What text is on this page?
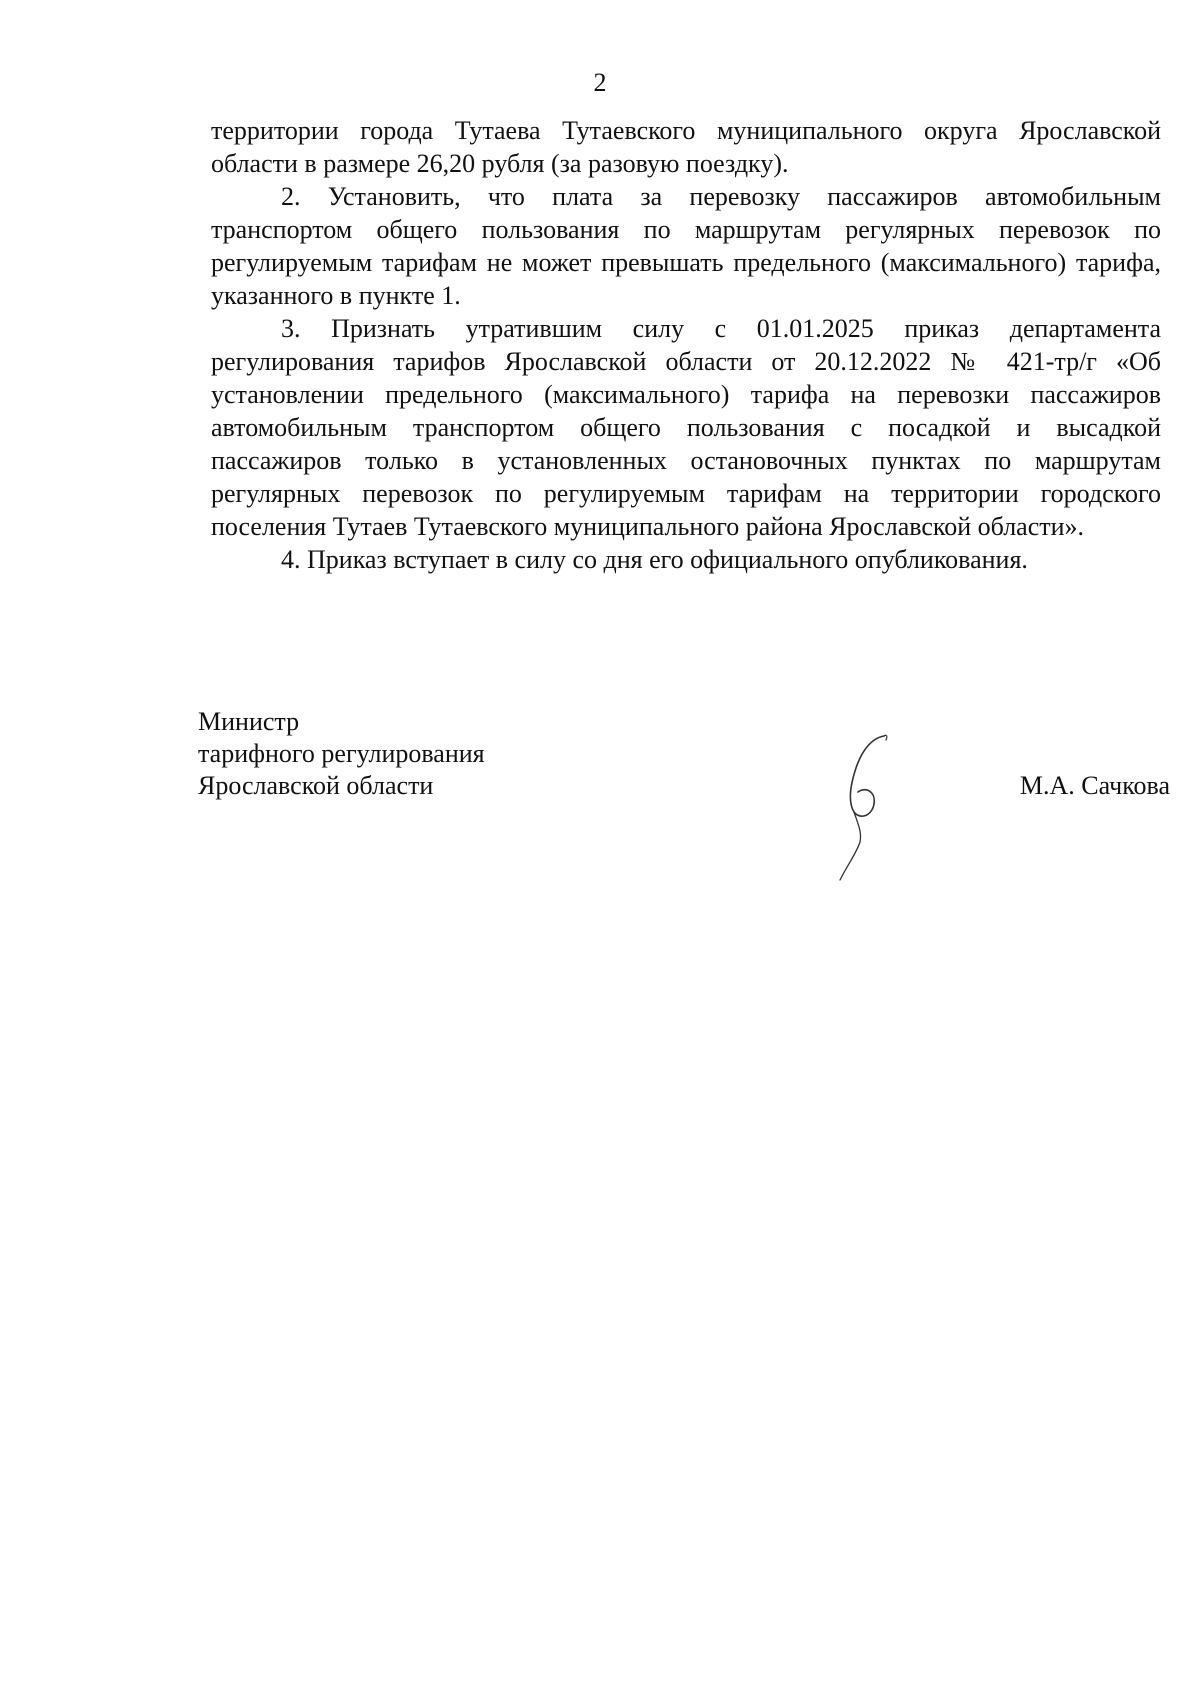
2

территории города Тутаева Тутаевского муниципального округа Ярославской
области в размере 26,20 рубля (за разовую поездку).

2. Установить, что плата за перевозку пассажиров автомобильным транспортом общего пользования по маршрутам регулярных перевозок по регулируемым тарифам не может превышать предельного (максимального) тарифа, указанного в пункте 1.

3. Признать утратившим силу с 01.01.2025 приказ департамента регулирования тарифов Ярославской области от 20.12.2022 № 421-тр/г «Об установлении предельного (максимального) тарифа на перевозки пассажиров автомобильным транспортом общего пользования с посадкой и высадкой пассажиров только в установленных остановочных пунктах по маршрутам регулярных перевозок по регулируемым тарифам на территории городского поселения Тутаев Тутаевского муниципального района Ярославской области».

4. Приказ вступает в силу со дня его официального опубликования.

Министр
тарифного регулирования
Ярославской области	М.А. Сачкова
